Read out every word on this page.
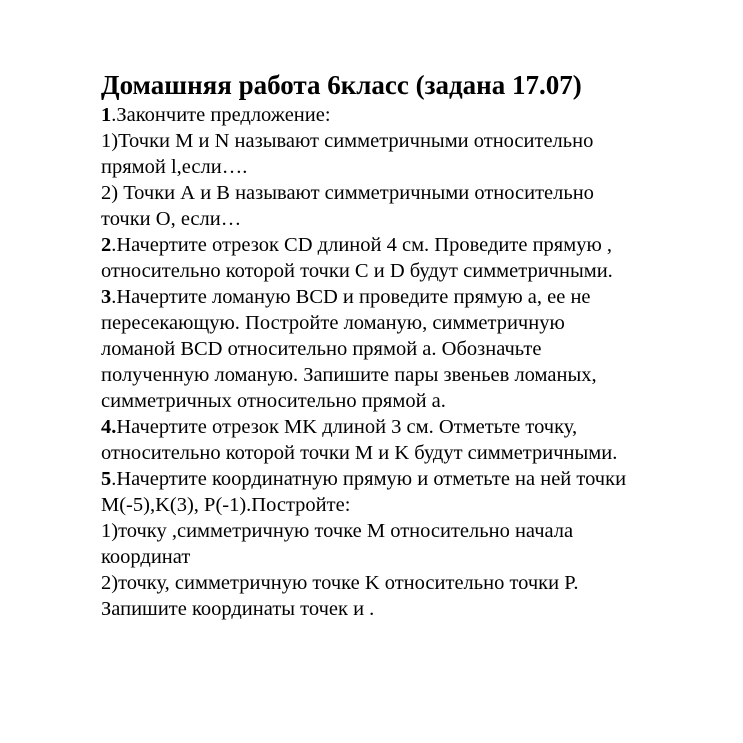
Домашняя работа 6класс (задана 17.07)
1.Закончите предложение:
1)Точки M и N называют симметричными относительно
прямой l,если….
2) Точки А и В называют симметричными относительно
точки О, если…
2.Начертите отрезок CD длиной 4 см. Проведите прямую ,
относительно которой точки C и D будут симметричными.
3.Начертите ломаную BCD и проведите прямую a, ее не
пересекающую. Постройте ломаную, симметричную
ломаной BCD относительно прямой a. Обозначьте
полученную ломаную. Запишите пары звеньев ломаных,
симметричных относительно прямой a.
4.Начертите отрезок MK длиной 3 см. Отметьте точку,
относительно которой точки M и K будут симметричными.
5.Начертите координатную прямую и отметьте на ней точки
M(-5),K(3), P(-1).Постройте:
1)точку ,симметричную точке M относительно начала
координат
2)точку, симметричную точке K относительно точки P.
Запишите координаты точек и .
